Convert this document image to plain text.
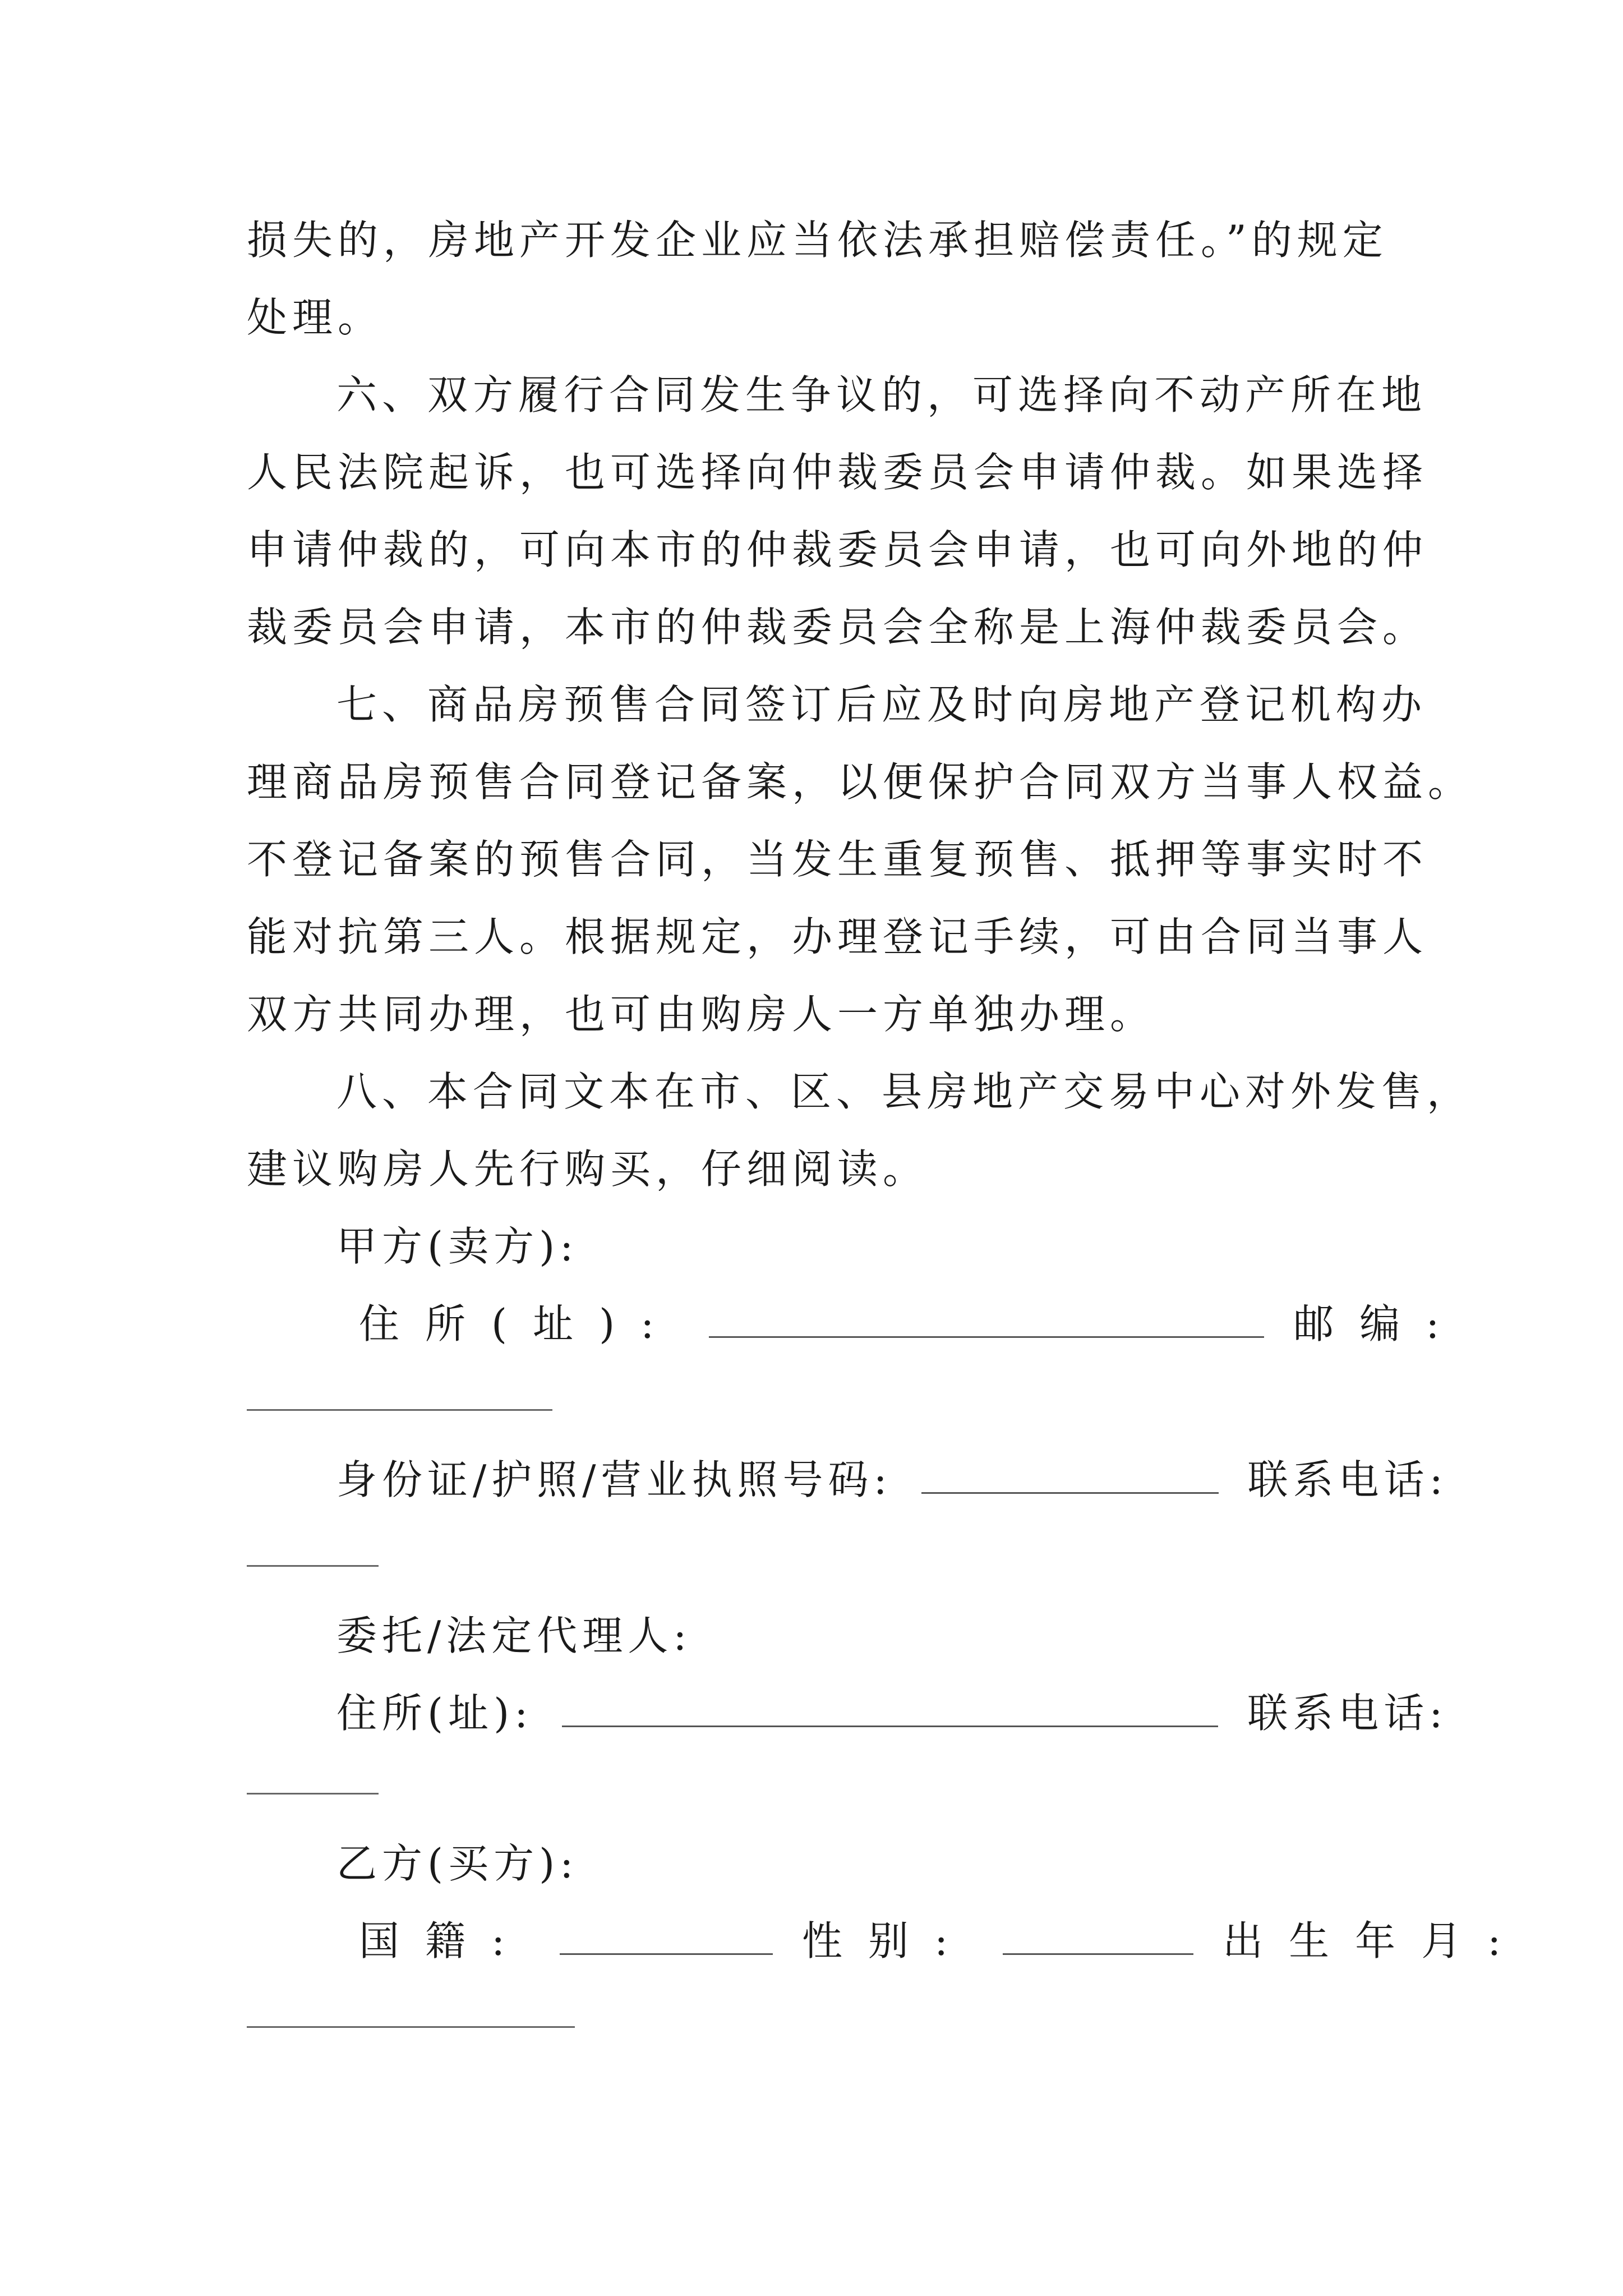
损失的，房地产开发企业应当依法承担赔偿责任。”的规定
处理。
六、双方履行合同发生争议的，可选择向不动产所在地
人民法院起诉，也可选择向仲裁委员会申请仲裁。如果选择
申请仲裁的，可向本市的仲裁委员会申请，也可向外地的仲
裁委员会申请，本市的仲裁委员会全称是上海仲裁委员会。
七、商品房预售合同签订后应及时向房地产登记机构办
理商品房预售合同登记备案，以便保护合同双方当事人权益。
不登记备案的预售合同，当发生重复预售、抵押等事实时不
能对抗第三人。根据规定，办理登记手续，可由合同当事人
双方共同办理，也可由购房人一方单独办理。
八、本合同文本在市、区、县房地产交易中心对外发售，
建议购房人先行购买，仔细阅读。
甲方(卖方):
住所(址):	邮编:
身份证/护照/营业执照号码:	联系电话:
委托/法定代理人:
住所(址):	联系电话:
乙方(买方):
国籍:	性别:	出生年月:
